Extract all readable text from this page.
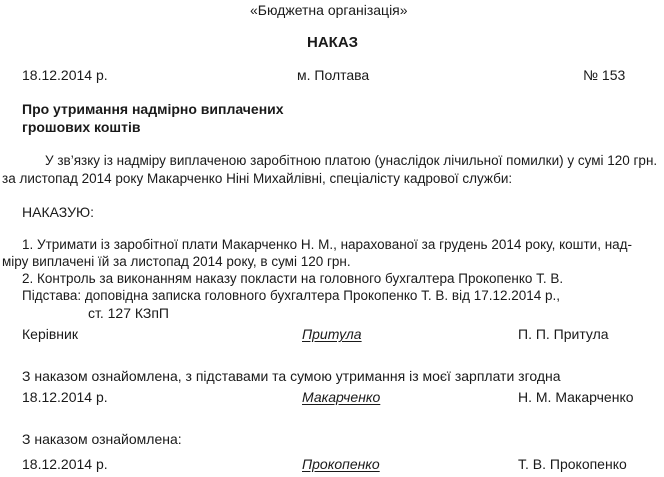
«Бюджетна організація»
НАКАЗ
18.12.2014 р.	м. Полтава	№ 153
Про утримання надмірно виплачених
грошових коштів
У зв’язку із надміру виплаченою заробітною платою (унаслідок лічильної помилки) у сумі 120 грн.
за листопад 2014 року Макарченко Ніні Михайлівні, спеціалісту кадрової служби:
НАКАЗУЮ:
1. Утримати із заробітної плати Макарченко Н. М., нарахованої за грудень 2014 року, кошти, над-
міру виплачені їй за листопад 2014 року, в сумі 120 грн.
2. Контроль за виконанням наказу покласти на головного бухгалтера Прокопенко Т. В.
Підстава: доповідна записка головного бухгалтера Прокопенко Т. В. від 17.12.2014 р.,
ст. 127 КЗпП
Керівник	Притула	П. П. Притула
З наказом ознайомлена, з підставами та сумою утримання із моєї зарплати згодна
18.12.2014 р.	Макарченко	Н. М. Макарченко
З наказом ознайомлена:
18.12.2014 р.	Прокопенко	Т. В. Прокопенко
